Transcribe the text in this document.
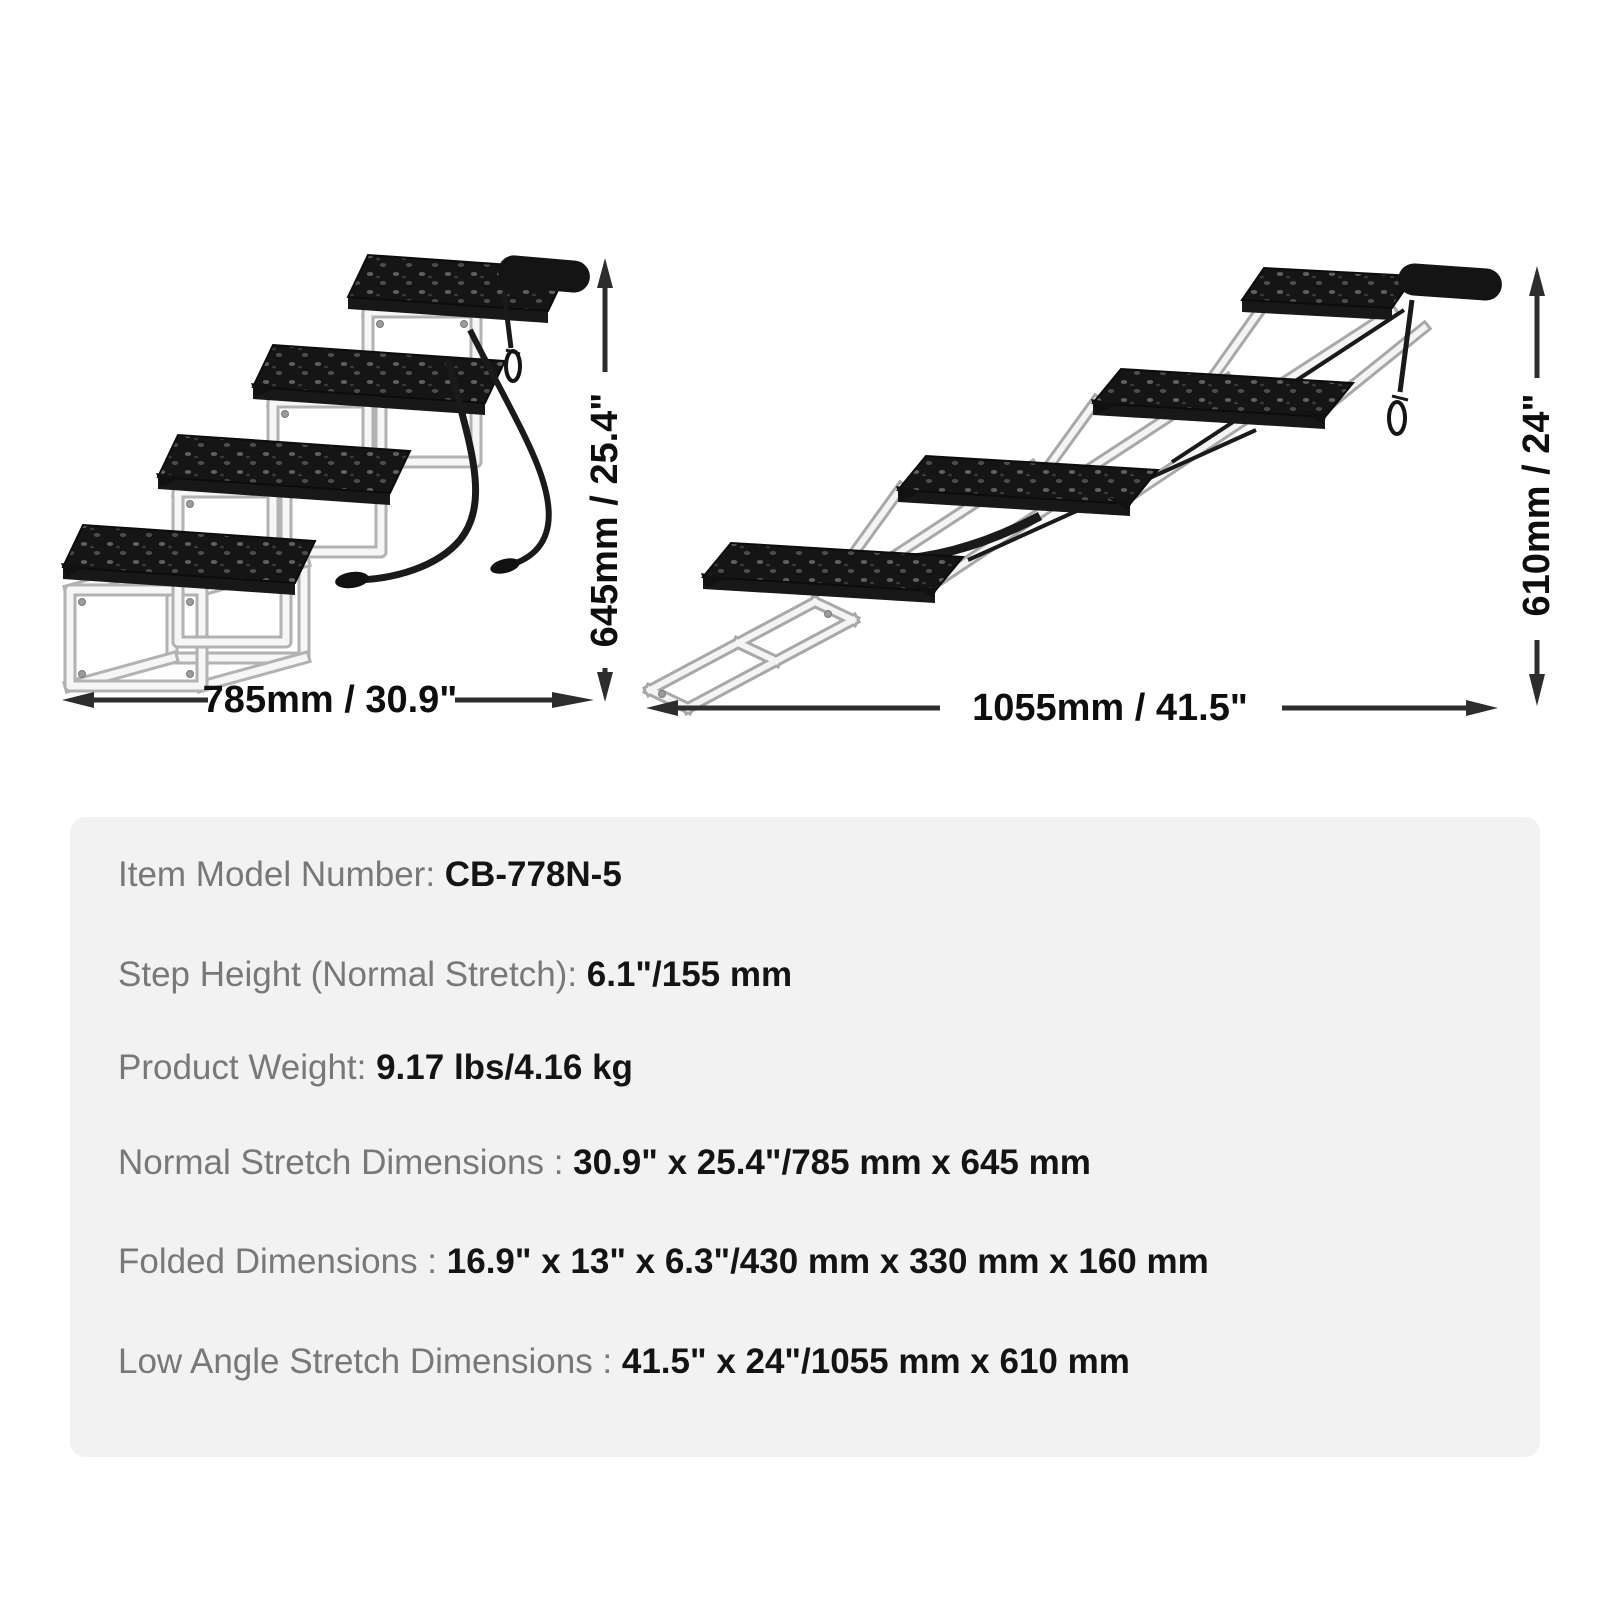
645mm / 25.4"
785mm / 30.9"
610mm / 24"
1055mm / 41.5"
Item Model Number: CB-778N-5
Step Height (Normal Stretch): 6.1"/155 mm
Product Weight: 9.17 lbs/4.16 kg
Normal Stretch Dimensions : 30.9" x 25.4"/785 mm x 645 mm
Folded Dimensions : 16.9" x 13" x 6.3"/430 mm x 330 mm x 160 mm
Low Angle Stretch Dimensions : 41.5" x 24"/1055 mm x 610 mm
